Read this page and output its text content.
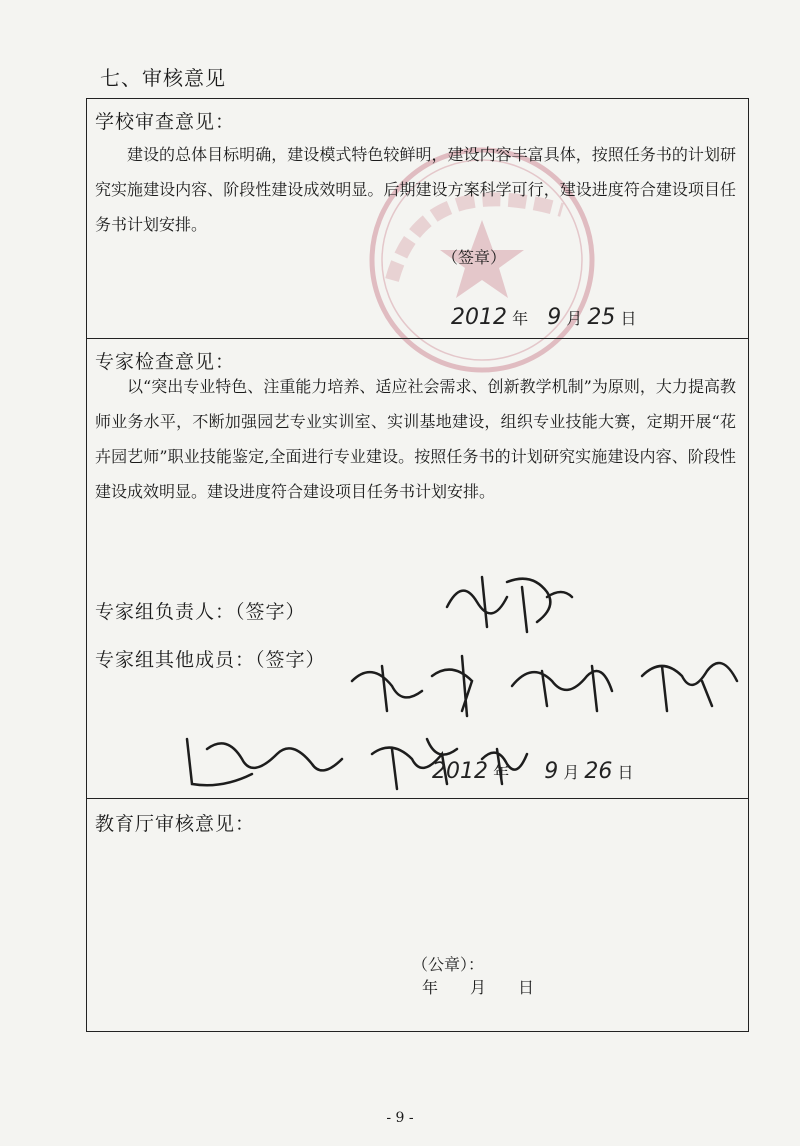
七、审核意见
学校审查意见：
建设的总体目标明确，建设模式特色较鲜明，建设内容丰富具体，按照任务书的计划研究实施建设内容、阶段性建设成效明显。后期建设方案科学可行，建设进度符合建设项目任务书计划安排。
（签章）
2012 年 9 月 25 日
专家检查意见：
以“突出专业特色、注重能力培养、适应社会需求、创新教学机制”为原则，大力提高教师业务水平，不断加强园艺专业实训室、实训基地建设，组织专业技能大赛，定期开展“花卉园艺师”职业技能鉴定,全面进行专业建设。按照任务书的计划研究实施建设内容、阶段性建设成效明显。建设进度符合建设项目任务书计划安排。
专家组负责人：（签字）
专家组其他成员：（签字）
2012 年 9 月 26 日
教育厅审核意见：
（公章）：
年　　月　　日
- 9 -
